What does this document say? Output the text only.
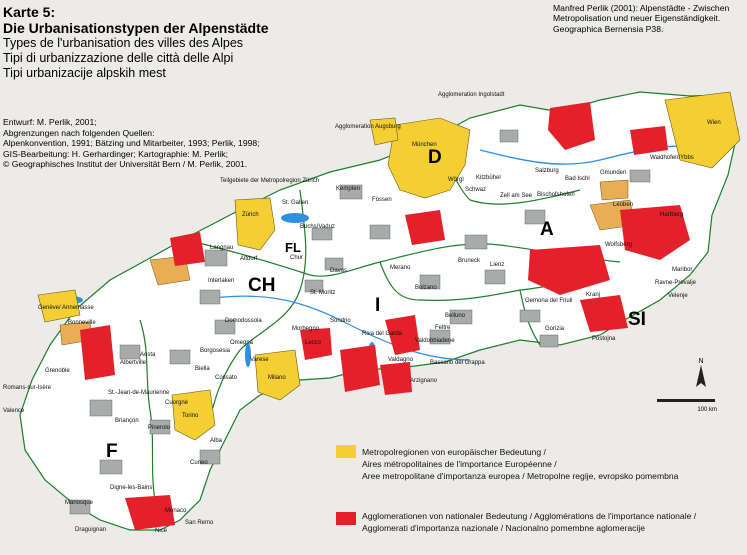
Karte 5:
Die Urbanisationstypen der Alpenstädte
Types de l'urbanisation des villes des Alpes
Tipi di urbanizzazione delle città delle Alpi
Tipi urbanizacije alpskih mest
Entwurf: M. Perlik, 2001;
Abgrenzungen nach folgenden Quellen:
Alpenkonvention, 1991; Bätzing und Mitarbeiter, 1993; Perlik, 1998;
GIS-Bearbeitung: H. Gerhardinger; Kartographie: M. Perlik;
© Geographisches Institut der Universität Bern / M. Perlik, 2001.
Manfred Perlik (2001): Alpenstädte - Zwischen
Metropolisation und neuer Eigenständigkeit.
Geographica Bernensia P38.
D
A
CH
FL
I
SI
F
Agglomeration Ingolstadt
Agglomeration Augsburg
München
Wien
Waidhofen/Ybbs
Gmunden
Bad Ischl
Salzburg
Kempten
Füssen
Wörgl Kitzbühel
Schwaz
Zell am See Bischofshofen
Leoben
Hartberg
Teilgebiete der Metropolregion Zürich
Zürich
St. Gallen
Buchs/Vaduz
Chur
Davos
St. Moritz
Bruneck
Lienz
Wolfsberg
Maribor
Ravne-Prevalje
Velenje
Kranj
Postojna
Gorizia
Gemona del Friuli
Bolzano
Merano
Sondrio
Morbegno
Lecco
Milano
Riva del Garda
Feltre
Belluno
Valdobbiadene
Bassano del Grappa
Valdagno
Arzignano
Langnau
Interlaken
Altdorf
Genève/ Annemasse
Bonneville	Domodossola
Omegna
Borgosesia
Varese
Biella
Cossato
Aosta
Albertville
Grenoble
Romans-sur-Isère
Valence
St.-Jean-de-Maurienne
Briançon
Cuorgnè
Torino
Pinerolo
Alba
Cuneo
Digne-les-Bains
Manosque
Draguignan	Nice
San Remo
Monaco
N
100 km
Metropolregionen von europäischer Bedeutung /
Aires métropolitaines de l'importance Européenne /
Aree metropolitane d'importanza europea / Metropolne regije, evropsko pomembna
Agglomerationen von nationaler Bedeutung / Agglomérations de l'importance nationale /
Agglomerati d'importanza nazionale / Nacionalno pomembne aglomeracije
